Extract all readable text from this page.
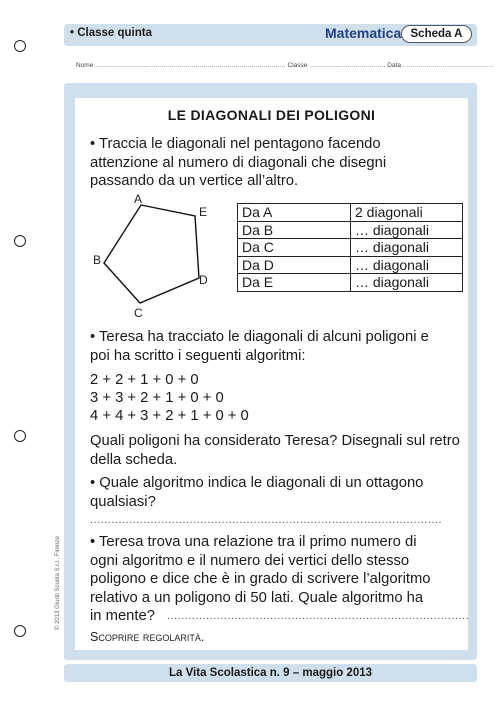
• Classe quinta	Matematica Scheda A
Nome ............................................................................................... Classe ...................................... Data .............................................
LE DIAGONALI DEI POLIGONI
• Traccia le diagonali nel pentagono facendo
attenzione al numero di diagonali che disegni
passando da un vertice all’altro.
A
E
B
D
C
Da A	2 diagonali
Da B	… diagonali
Da C	… diagonali
Da D	… diagonali
Da E	… diagonali
• Teresa ha tracciato le diagonali di alcuni poligoni e
poi ha scritto i seguenti algoritmi:
2 + 2 + 1 + 0 + 0
3 + 3 + 2 + 1 + 0 + 0
4 + 4 + 3 + 2 + 1 + 0 + 0
Quali poligoni ha considerato Teresa? Disegnali sul retro
della scheda.
• Quale algoritmo indica le diagonali di un ottagono
qualsiasi?
...................................................................................................
• Teresa trova una relazione tra il primo numero di
ogni algoritmo e il numero dei vertici dello stesso
poligono e dice che è in grado di scrivere l’algoritmo
relativo a un poligono di 50 lati. Quale algoritmo ha
in mente? .....................................................................................
Scoprire regolarità.
© 2013 Giunti Scuola S.r.l., Firenze
La Vita Scolastica n. 9 – maggio 2013
